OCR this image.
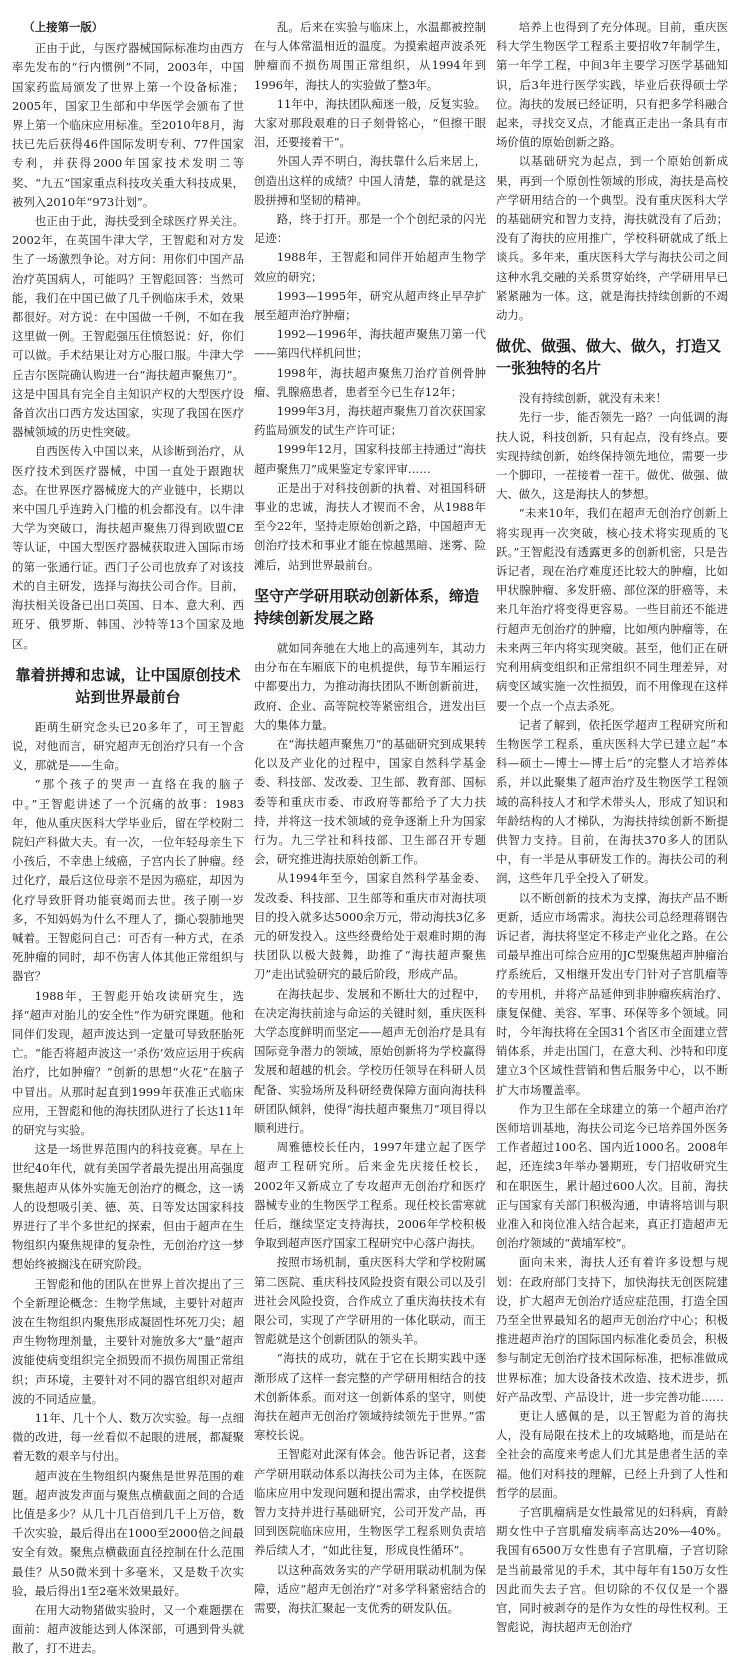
（上接第一版）

正由于此，与医疗器械国际标准均由西方率先发布的“行内惯例”不同，2003年，中国国家药监局颁发了世界上第一个设备标准；2005年，国家卫生部和中华医学会颁布了世界上第一个临床应用标准。至2010年8月，海扶已先后获得46件国际发明专利、77件国家专利，并获得2000年国家技术发明二等奖、“九五”国家重点科技攻关重大科技成果，被列入2010年“973计划”。

也正由于此，海扶受到全球医疗界关注。2002年，在英国牛津大学，王智彪和对方发生了一场激烈争论。对方问：用你们中国产品治疗英国病人，可能吗？王智彪回答：当然可能，我们在中国已做了几千例临床手术，效果都很好。对方说：在中国做一千例，不如在我这里做一例。王智彪强压住愤怒说：好，你们可以做。手术结果让对方心服口服。牛津大学丘吉尔医院确认购进一台“海扶超声聚焦刀”。这是中国具有完全自主知识产权的大型医疗设备首次出口西方发达国家，实现了我国在医疗器械领域的历史性突破。

自西医传入中国以来，从诊断到治疗，从医疗技术到医疗器械，中国一直处于跟跑状态。在世界医疗器械庞大的产业链中，长期以来中国几乎连跨入门槛的机会都没有。以牛津大学为突破口，海扶超声聚焦刀得到欧盟CE等认证，中国大型医疗器械获取进入国际市场的第一张通行证。西门子公司也放弃了对该技术的自主研发，选择与海扶公司合作。目前，海扶相关设备已出口英国、日本、意大利、西班牙、俄罗斯、韩国、沙特等13个国家及地区。

靠着拼搏和忠诚，让中国原创技术站到世界最前台

距萌生研究念头已20多年了，可王智彪说，对他而言，研究超声无创治疗只有一个含义，那就是——生命。

“那个孩子的哭声一直络在我的脑子中。”王智彪讲述了一个沉痛的故事：1983年，他从重庆医科大学毕业后，留在学校附二院妇产科做大夫。有一次，一位年轻母亲生下小孩后，不幸患上绒癌，子宫内长了肿瘤。经过化疗，最后这位母亲不是因为癌症，却因为化疗导致肝肾功能衰竭而去世。孩子刚一岁多，不知妈妈为什么不理人了，撕心裂肺地哭喊着。王智彪问自己：可否有一种方式，在杀死肿瘤的同时，却不伤害人体其他正常组织与器官？

1988年，王智彪开始攻读研究生，选择“超声对胎儿的安全性”作为研究课题。他和同伴们发现，超声波达到一定量可导致胚胎死亡。“能否将超声波这一‘杀伤’效应运用于疾病治疗，比如肿瘤？”创新的思想“火花”在脑子中冒出。从那时起直到1999年获准正式临床应用，王智彪和他的海扶团队进行了长达11年的研究与实验。

这是一场世界范围内的科技竞赛。早在上世纪40年代，就有美国学者最先提出用高强度聚焦超声从体外实施无创治疗的概念，这一诱人的设想吸引美、德、英、日等发达国家科技界进行了半个多世纪的探索，但由于超声在生物组织内聚焦规律的复杂性，无创治疗这一梦想始终被搁浅在研究阶段。

王智彪和他的团队在世界上首次提出了三个全新理论概念：生物学焦域，主要针对超声波在生物组织内聚焦形成凝固性坏死刀尖；超声生物物理剂量，主要针对施放多大“量”超声波能使病变组织完全损毁而不损伤周围正常组织；声环境，主要针对不同的器官组织对超声波的不同适应量。

11年、几十个人、数万次实验。每一点细微的改进，每一丝看似不起眼的进展，都凝聚着无数的艰辛与付出。

超声波在生物组织内聚焦是世界范围的难题。超声波发声面与聚焦点横截面之间的合适比值是多少？从几十几百倍到几千上万倍，数千次实验，最后得出在1000至2000倍之间最安全有效。聚焦点横截面直径控制在什么范围最佳？从50微米到十多毫米，又是数千次实验，最后得出1至2毫米效果最好。

在用大动物猪做实验时，又一个难题摆在面前：超声波能达到人体深部，可遇到骨头就散了，打不进去。

乱。后来在实验与临床上，水温都被控制在与人体常温相近的温度。为摸索超声波杀死肿瘤而不损伤周围正常组织，从1994年到1996年，海扶人的实验做了整3年。

11年中，海扶团队痴迷一般，反复实验。大家对那段艰难的日子刻骨铭心，“但擦干眼泪，还要接着干”。

外国人弄不明白，海扶靠什么后来居上，创造出这样的成绩？中国人清楚，靠的就是这股拼搏和坚韧的精神。

路，终于打开。那是一个个创纪录的闪光足迹：

1988年，王智彪和同伴开始超声生物学效应的研究；

1993—1995年，研究从超声终止早孕扩展至超声治疗肿瘤；

1992—1996年，海扶超声聚焦刀第一代——第四代样机问世；

1998年，海扶超声聚焦刀治疗首例骨肿瘤、乳腺癌患者，患者至今已生存12年；

1999年3月，海扶超声聚焦刀首次获国家药监局颁发的试生产许可证；

1999年12月，国家科技部主持通过“海扶超声聚焦刀”成果鉴定专家评审……

正是出于对科技创新的执着、对祖国科研事业的忠诚，海扶人才锲而不舍，从1988年至今22年，坚持走原始创新之路，中国超声无创治疗技术和事业才能在惊越黑暗、迷雾、险滩后，站到世界最前台。

坚守产学研用联动创新体系，缔造持续创新发展之路

就如同奔驰在大地上的高速列车，其动力由分布在车厢底下的电机提供，每节车厢运行中都要出力，为推动海扶团队不断创新前进，政府、企业、高等院校等紧密组合，迸发出巨大的集体力量。

在“海扶超声聚焦刀”的基础研究到成果转化以及产业化的过程中，国家自然科学基金委、科技部、发改委、卫生部、教育部、国标委等和重庆市委、市政府等都给予了大力扶持，并将这一技术领域的竞争逐渐上升为国家行为。九三学社和科技部、卫生部召开专题会，研究推进海扶原始创新工作。

从1994年至今，国家自然科学基金委、发改委、科技部、卫生部等和重庆市对海扶项目的投入就多达5000余万元，带动海扶3亿多元的研发投入。这些经费给处于艰难时期的海扶团队以极大鼓舞，助推了“海扶超声聚焦刀”走出试验研究的最后阶段，形成产品。

在海扶起步、发展和不断壮大的过程中，在决定海扶前途与命运的关键时刻，重庆医科大学态度鲜明而坚定——超声无创治疗是具有国际竞争潜力的领域，原始创新将为学校赢得发展和超越的机会。学校历任领导在科研人员配备、实验场所及科研经费保障方面向海扶科研团队倾斜，使得“海扶超声聚焦刀”项目得以顺利进行。

周雅德校长任内，1997年建立起了医学超声工程研究所。后来金先庆接任校长，2002年又新成立了专攻超声无创治疗和医疗器械专业的生物医学工程系。现任校长雷寒就任后，继续坚定支持海扶，2006年学校积极争取到超声医疗国家工程研究中心落户海扶。

按照市场机制，重庆医科大学和学校附属第二医院、重庆科技风险投资有限公司以及引进社会风险投资，合作成立了重庆海扶技术有限公司，实现了产学研用的一体化联动，而王智彪就是这个创新团队的领头羊。

“海扶的成功，就在于它在长期实践中逐渐形成了这样一套完整的产学研用相结合的技术创新体系。而对这一创新体系的坚守，则使海扶在超声无创治疗领域持续领先于世界。”雷寒校长说。

王智彪对此深有体会。他告诉记者，这套产学研用联动体系以海扶公司为主体，在医院临床应用中发现问题和提出需求，由学校提供智力支持并进行基础研究，公司开发产品，再回到医院临床应用，生物医学工程系则负责培养后续人才，“如此往复，形成良性循环”。

以这种高效务实的产学研用联动机制为保障，适应“超声无创治疗”对多学科紧密结合的需要，海扶汇聚起一支优秀的研发队伍。

培养上也得到了充分体现。目前，重庆医科大学生物医学工程系主要招收7年制学生，第一年学工程，中间3年主要学习医学基础知识，后3年进行医学实践，毕业后获得硕士学位。海扶的发展已经证明，只有把多学科融合起来，寻找交叉点，才能真正走出一条具有市场价值的原始创新之路。

以基础研究为起点，到一个原始创新成果，再到一个原创性领域的形成，海扶是高校产学研用结合的一个典型。没有重庆医科大学的基础研究和智力支持，海扶就没有了后劲；没有了海扶的应用推广，学校科研就成了纸上谈兵。多年来，重庆医科大学与海扶公司之间这种水乳交融的关系贯穿始终，产学研用早已紧紧融为一体。这，就是海扶持续创新的不竭动力。

做优、做强、做大、做久，打造又一张独特的名片

没有持续创新，就没有未来！

先行一步，能否领先一路？一向低调的海扶人说，科技创新，只有起点，没有终点。要实现持续创新，始终保持领先地位，需要一步一个脚印，一茬接着一茬干。做优、做强、做大、做久，这是海扶人的梦想。

“未来10年，我们在超声无创治疗创新上将实现再一次突破，核心技术将实现质的飞跃。”王智彪没有透露更多的创新机密，只是告诉记者，现在治疗难度还比较大的肿瘤，比如甲状腺肿瘤、多发肝癌、部位深的肝癌等，未来几年治疗将变得更容易。一些目前还不能进行超声无创治疗的肿瘤，比如颅内肿瘤等，在未来两三年内将实现突破。甚至，他们正在研究利用病变组织和正常组织不同生理差异，对病变区域实施一次性损毁，而不用像现在这样要一个点一个点去杀死。

记者了解到，依托医学超声工程研究所和生物医学工程系，重庆医科大学已建立起“本科—硕士—博士—博士后”的完整人才培养体系，并以此聚集了超声治疗及生物医学工程领域的高科技人才和学术带头人，形成了知识和年龄结构的人才梯队，为海扶持续创新不断提供智力支持。目前，在海扶370多人的团队中，有一半是从事研发工作的。海扶公司的利润，这些年几乎全投入了研发。

以不断创新的技术为支撑，海扶产品不断更新，适应市场需求。海扶公司总经理蒋钢告诉记者，海扶将坚定不移走产业化之路。在公司最早推出可综合应用的JC型聚焦超声肿瘤治疗系统后，又相继开发出专门针对子宫肌瘤等的专用机，并将产品延伸到非肿瘤疾病治疗、康复保健、美容、军事、环保等多个领域。同时，今年海扶将在全国31个省区市全面建立营销体系，并走出国门，在意大利、沙特和印度建立3个区域性营销和售后服务中心，以不断扩大市场覆盖率。

作为卫生部在全球建立的第一个超声治疗医师培训基地，海扶公司迄今已培养国外医务工作者超过100名、国内近1000名。2008年起，还连续3年举办暑期班，专门招收研究生和在职医生，累计超过600人次。目前，海扶正与国家有关部门积极沟通，申请将培训与职业准入和岗位准入结合起来，真正打造超声无创治疗领域的“黄埔军校”。

面向未来，海扶人还有着许多设想与规划：在政府部门支持下，加快海扶无创医院建设，扩大超声无创治疗适应症范围，打造全国乃至全世界最知名的超声无创治疗中心；积极推进超声治疗的国际国内标准化委员会，积极参与制定无创治疗技术国际标准，把标准做成世界标准；加大设备技术改造、技术进步，抓好产品改型、产品设计，进一步完善功能……

更让人感佩的是，以王智彪为首的海扶人，没有局限在技术上的攻城略地，而是站在全社会的高度来考虑人们尤其是患者生活的幸福。他们对科技的理解，已经上升到了人性和哲学的层面。

子宫肌瘤病是女性最常见的妇科病，育龄期女性中子宫肌瘤发病率高达20%—40%。我国有6500万女性患有子宫肌瘤，子宫切除是当前最常见的手术，其中每年有150万女性因此而失去子宫。但切除的不仅仅是一个器官，同时被剥夺的是作为女性的母性权利。王智彪说，海扶超声无创治疗
